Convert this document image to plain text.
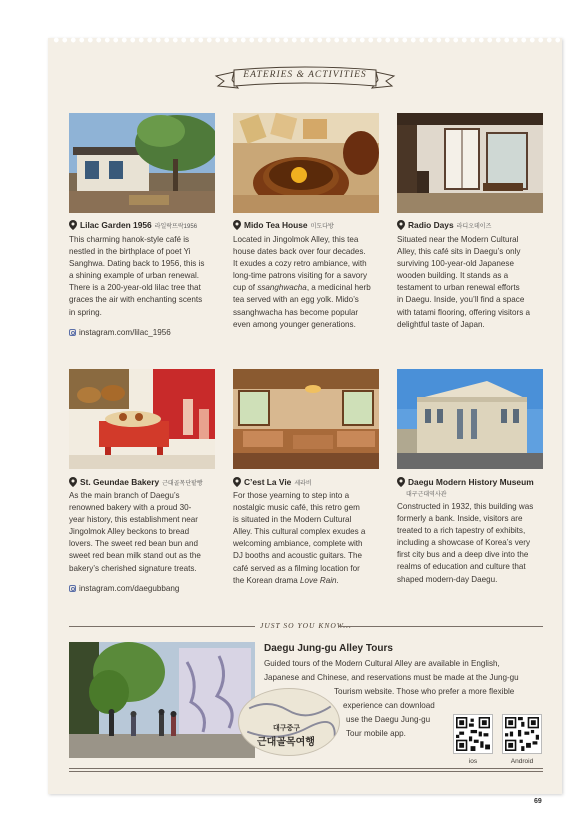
EATERIES & ACTIVITIES
Lilac Garden 1956 라일락뜨락1956
This charming hanok-style café is
nestled in the birthplace of poet Yi
Sanghwa. Dating back to 1956, this is
a shining example of urban renewal.
There is a 200-year-old lilac tree that
graces the air with enchanting scents
in spring.
instagram.com/lilac_1956
Mido Tea House 미도다방
Located in Jingolmok Alley, this tea
house dates back over four decades.
It exudes a cozy retro ambiance, with
long-time patrons visiting for a savory
cup of ssanghwacha, a medicinal herb
tea served with an egg yolk. Mido’s
ssanghwacha has become popular
even among younger generations.
Radio Days 라디오데이즈
Situated near the Modern Cultural
Alley, this café sits in Daegu’s only
surviving 100-year-old Japanese
wooden building. It stands as a
testament to urban renewal efforts
in Daegu. Inside, you’ll find a space
with tatami flooring, offering visitors a
delightful taste of Japan.
St. Geundae Bakery 근대골목단팥빵
As the main branch of Daegu’s
renowned bakery with a proud 30-
year history, this establishment near
Jingolmok Alley beckons to bread
lovers. The sweet red bean bun and
sweet red bean milk stand out as the
bakery’s cherished signature treats.
instagram.com/daegubbang
C’est La Vie 세라비
For those yearning to step into a
nostalgic music café, this retro gem
is situated in the Modern Cultural
Alley. This cultural complex exudes a
welcoming ambiance, complete with
DJ booths and acoustic guitars. The
café served as a filming location for
the Korean drama Love Rain.
Daegu Modern History Museum
대구근대역사관
Constructed in 1932, this building was
formerly a bank. Inside, visitors are
treated to a rich tapestry of exhibits,
including a showcase of Korea’s very
first city bus and a deep dive into the
realms of education and culture that
shaped modern-day Daegu.
JUST SO YOU KNOW...
대구중구
근대골목여행
Daegu Jung-gu Alley Tours
Guided tours of the Modern Cultural Alley are available in English,
Japanese and Chinese, and reservations must be made at the Jung-gu
Tourism website. Those who prefer a more flexible
experience can download
use the Daegu Jung-gu
Tour mobile app.
ios	Android
69
